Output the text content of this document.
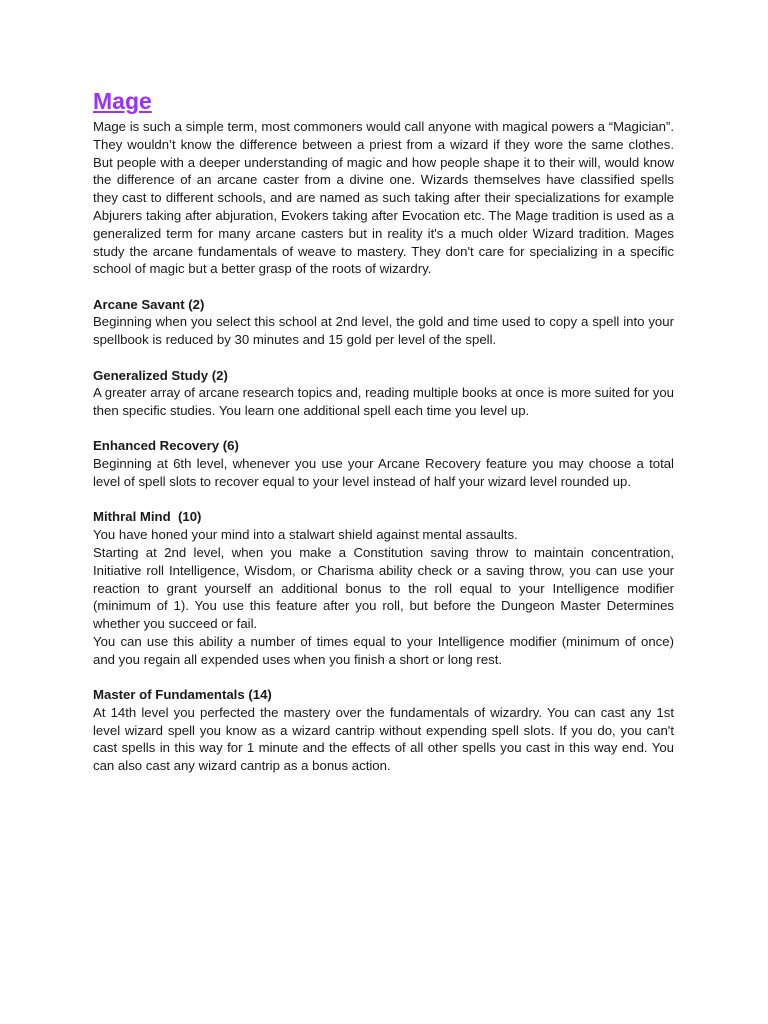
Mage

Mage is such a simple term, most commoners would call anyone with magical powers a “Magician”. They wouldn’t know the difference between a priest from a wizard if they wore the same clothes. But people with a deeper understanding of magic and how people shape it to their will, would know the difference of an arcane caster from a divine one. Wizards themselves have classified spells they cast to different schools, and are named as such taking after their specializations for example Abjurers taking after abjuration, Evokers taking after Evocation etc. The Mage tradition is used as a generalized term for many arcane casters but in reality it's a much older Wizard tradition. Mages study the arcane fundamentals of weave to mastery. They don't care for specializing in a specific school of magic but a better grasp of the roots of wizardry.

Arcane Savant (2)

Beginning when you select this school at 2nd level, the gold and time used to copy a spell into your spellbook is reduced by 30 minutes and 15 gold per level of the spell.

Generalized Study (2)

A greater array of arcane research topics and, reading multiple books at once is more suited for you then specific studies. You learn one additional spell each time you level up.

Enhanced Recovery (6)

Beginning at 6th level, whenever you use your Arcane Recovery feature you may choose a total level of spell slots to recover equal to your level instead of half your wizard level rounded up.

Mithral Mind  (10)

You have honed your mind into a stalwart shield against mental assaults.

Starting at 2nd level, when you make a Constitution saving throw to maintain concentration, Initiative roll Intelligence, Wisdom, or Charisma ability check or a saving throw, you can use your reaction to grant yourself an additional bonus to the roll equal to your Intelligence modifier (minimum of 1). You use this feature after you roll, but before the Dungeon Master Determines whether you succeed or fail.

You can use this ability a number of times equal to your Intelligence modifier (minimum of once) and you regain all expended uses when you finish a short or long rest.

Master of Fundamentals (14)

At 14th level you perfected the mastery over the fundamentals of wizardry. You can cast any 1st level wizard spell you know as a wizard cantrip without expending spell slots. If you do, you can't cast spells in this way for 1 minute and the effects of all other spells you cast in this way end. You can also cast any wizard cantrip as a bonus action.
